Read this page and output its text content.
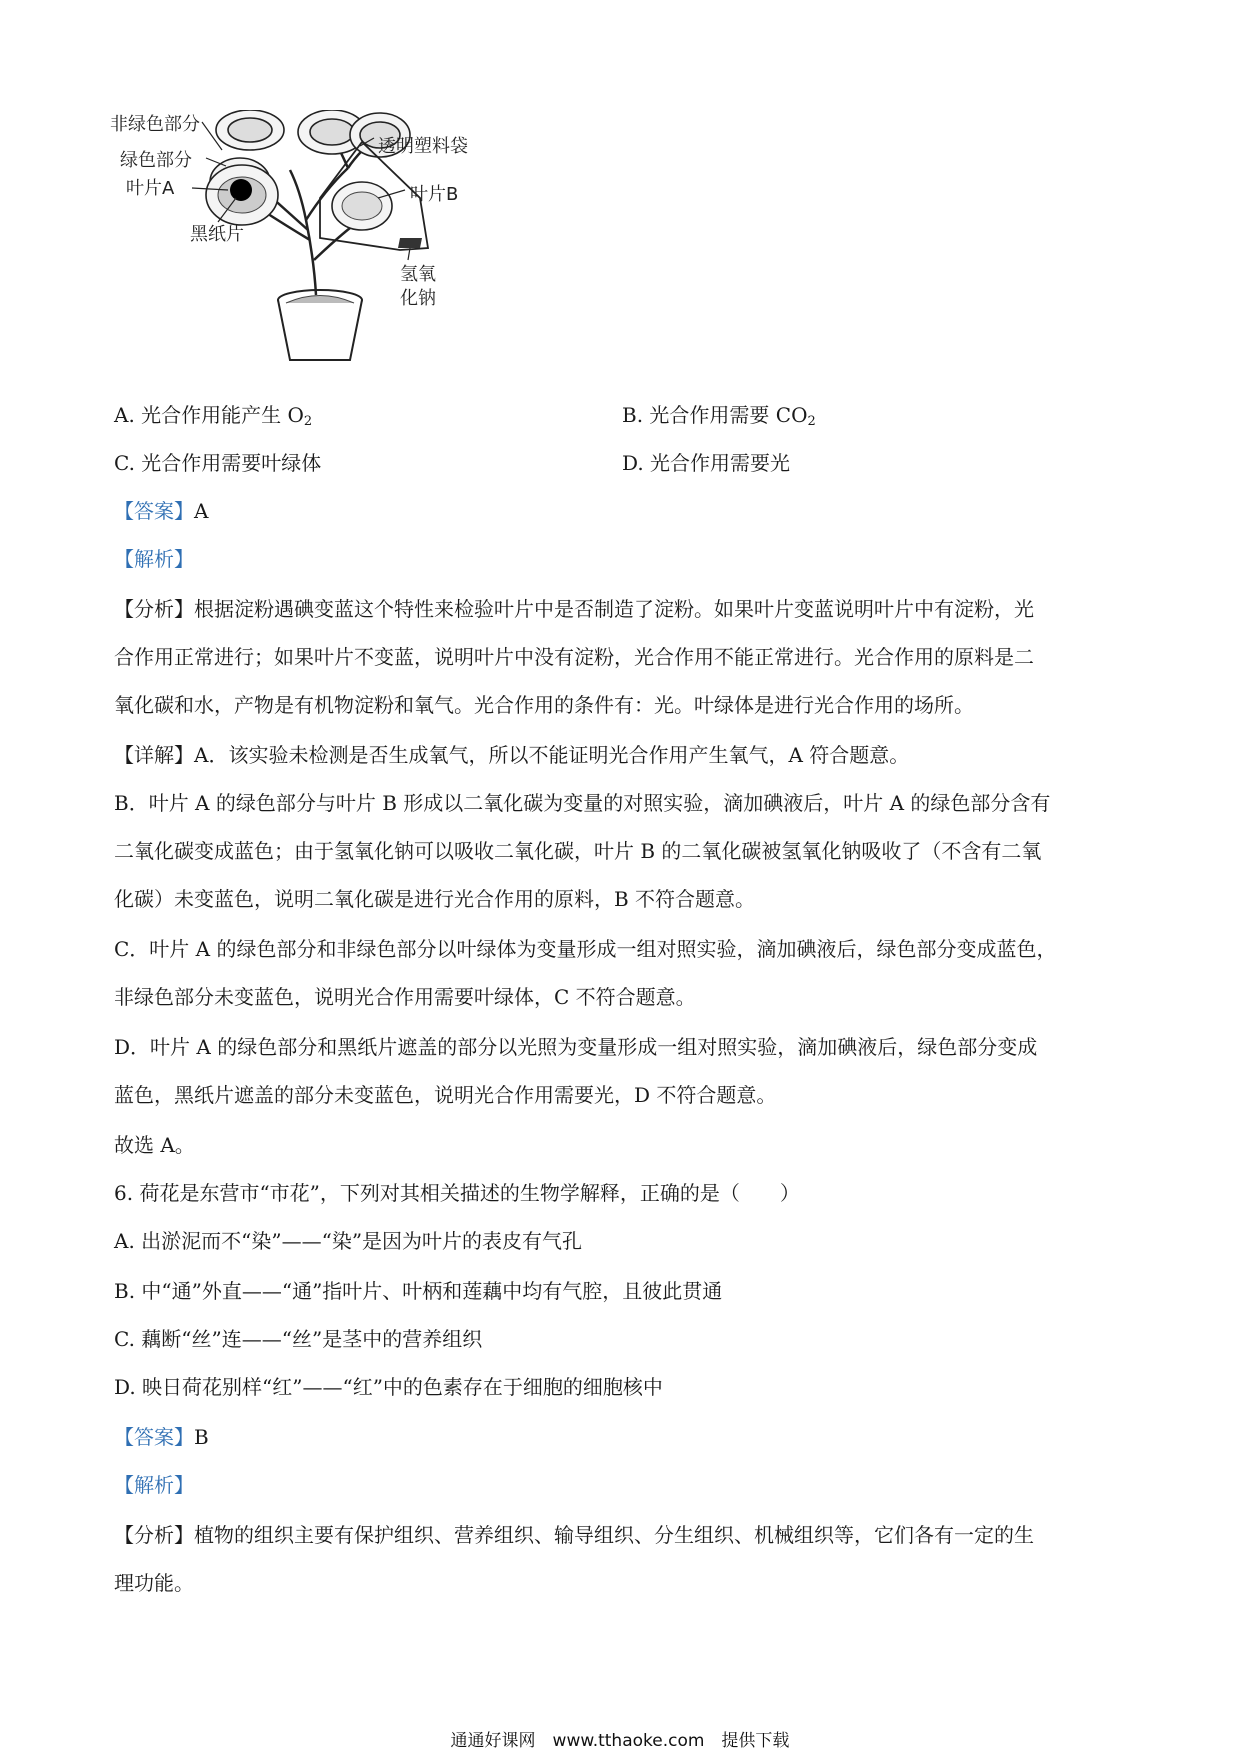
非绿色部分
绿色部分
叶片A
黑纸片
透明塑料袋
叶片B
氢氧
化钠
A. 光合作用能产生 $O_2$	B. 光合作用需要 $CO_2$
C. 光合作用需要叶绿体	D. 光合作用需要光
【答案】A
【解析】
【分析】根据淀粉遇碘变蓝这个特性来检验叶片中是否制造了淀粉。如果叶片变蓝说明叶片中有淀粉，光
合作用正常进行；如果叶片不变蓝，说明叶片中没有淀粉，光合作用不能正常进行。光合作用的原料是二
氧化碳和水，产物是有机物淀粉和氧气。光合作用的条件有：光。叶绿体是进行光合作用的场所。
【详解】A．该实验未检测是否生成氧气，所以不能证明光合作用产生氧气，A 符合题意。
B．叶片 A 的绿色部分与叶片 B 形成以二氧化碳为变量的对照实验，滴加碘液后，叶片 A 的绿色部分含有
二氧化碳变成蓝色；由于氢氧化钠可以吸收二氧化碳，叶片 B 的二氧化碳被氢氧化钠吸收了（不含有二氧
化碳）未变蓝色，说明二氧化碳是进行光合作用的原料，B 不符合题意。
C．叶片 A 的绿色部分和非绿色部分以叶绿体为变量形成一组对照实验，滴加碘液后，绿色部分变成蓝色，
非绿色部分未变蓝色，说明光合作用需要叶绿体，C 不符合题意。
D．叶片 A 的绿色部分和黑纸片遮盖的部分以光照为变量形成一组对照实验，滴加碘液后，绿色部分变成
蓝色，黑纸片遮盖的部分未变蓝色，说明光合作用需要光，D 不符合题意。
故选 A。
6. 荷花是东营市“市花”，下列对其相关描述的生物学解释，正确的是（　　）
A. 出淤泥而不“染”——“染”是因为叶片的表皮有气孔
B. 中“通”外直——“通”指叶片、叶柄和莲藕中均有气腔，且彼此贯通
C. 藕断“丝”连——“丝”是茎中的营养组织
D. 映日荷花别样“红”——“红”中的色素存在于细胞的细胞核中
【答案】B
【解析】
【分析】植物的组织主要有保护组织、营养组织、输导组织、分生组织、机械组织等，它们各有一定的生
理功能。
通通好课网　www.tthaoke.com　提供下载
